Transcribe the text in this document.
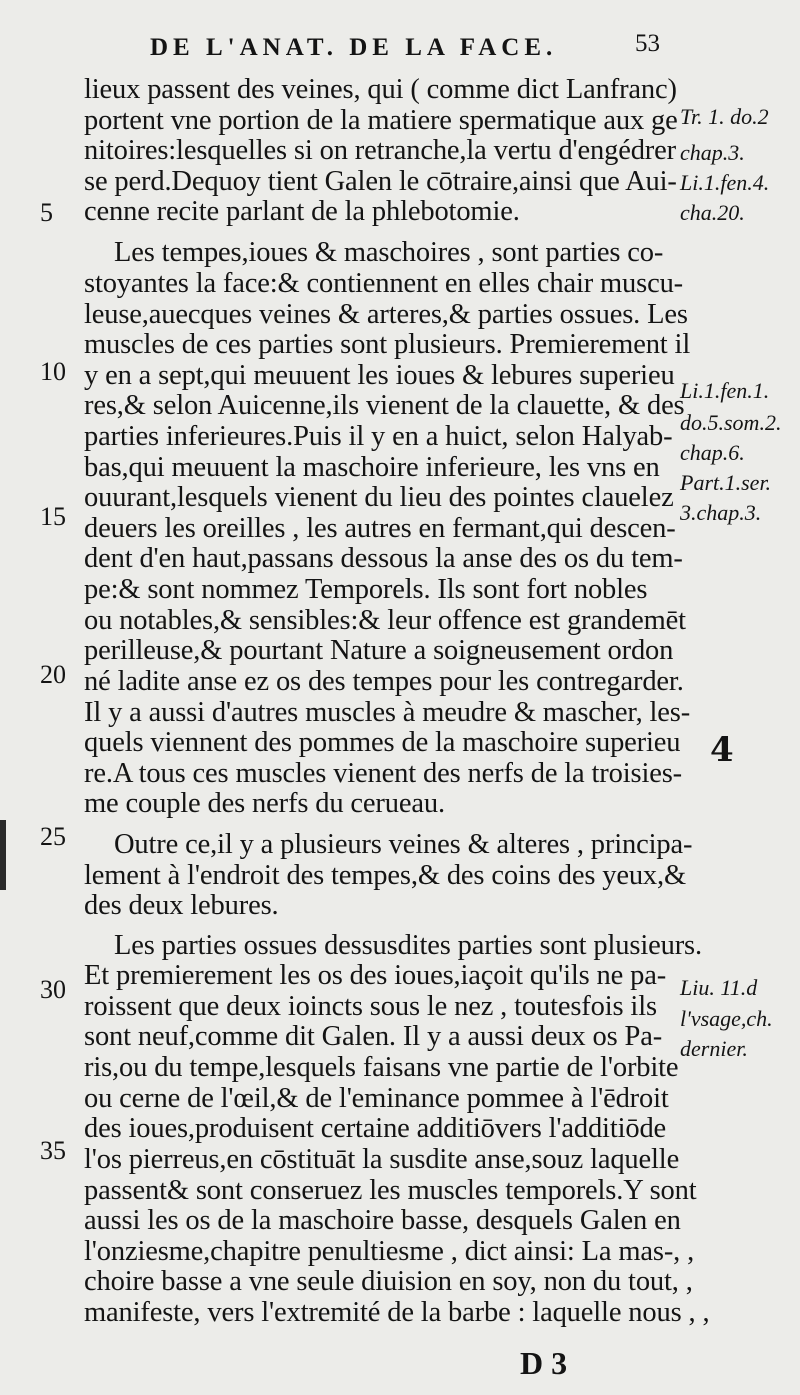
DE L'ANAT. DE LA FACE.	53
lieux passent des veines, qui ( comme dict Lanfranc)
portent vne portion de la matiere spermatique aux ge
nitoires:lesquelles si on retranche,la vertu d'engédrer
se perd.Dequoy tient Galen le cōtraire,ainsi que Aui-
cenne recite parlant de la phlebotomie.
Les tempes,ioues & maschoires , sont parties co-
stoyantes la face:& contiennent en elles chair muscu-
leuse,auecques veines & arteres,& parties ossues. Les
muscles de ces parties sont plusieurs. Premierement il
y en a sept,qui meuuent les ioues & lebures superieu
res,& selon Auicenne,ils vienent de la clauette, & des
parties inferieures.Puis il y en a huict, selon Halyab-
bas,qui meuuent la maschoire inferieure, les vns en
ouurant,lesquels vienent du lieu des pointes clauelez
deuers les oreilles , les autres en fermant,qui descen-
dent d'en haut,passans dessous la anse des os du tem-
pe:& sont nommez Temporels. Ils sont fort nobles
ou notables,& sensibles:& leur offence est grandemēt
perilleuse,& pourtant Nature a soigneusement ordon
né ladite anse ez os des tempes pour les contregarder.
Il y a aussi d'autres muscles à meudre & mascher, les-
quels viennent des pommes de la maschoire superieu
re.A tous ces muscles vienent des nerfs de la troisies-
me couple des nerfs du cerueau.
Outre ce,il y a plusieurs veines & alteres , principa-
lement à l'endroit des tempes,& des coins des yeux,&
des deux lebures.
Les parties ossues dessusdites parties sont plusieurs.
Et premierement les os des ioues,iaçoit qu'ils ne pa-
roissent que deux ioincts sous le nez , toutesfois ils
sont neuf,comme dit Galen. Il y a aussi deux os Pa-
ris,ou du tempe,lesquels faisans vne partie de l'orbite
ou cerne de l'œil,& de l'eminance pommee à l'ēdroit
des ioues,produisent certaine additiōvers l'additiōde
l'os pierreus,en cōstituāt la susdite anse,souz laquelle
passent& sont conseruez les muscles temporels.Y sont
aussi les os de la maschoire basse, desquels Galen en
l'onziesme,chapitre penultiesme , dict ainsi: La mas-, ,
choire basse a vne seule diuision en soy, non du tout, ,
manifeste, vers l'extremité de la barbe : laquelle nous , ,
5
10
15
20
25
30
35
Tr. 1. do.2
chap.3.
Li.1.fen.4.
cha.20.
Li.1.fen.1.
do.5.som.2.
chap.6.
Part.1.ser.
3.chap.3.
Liu. 11.d
l'vsage,ch.
dernier.
4
D 3
